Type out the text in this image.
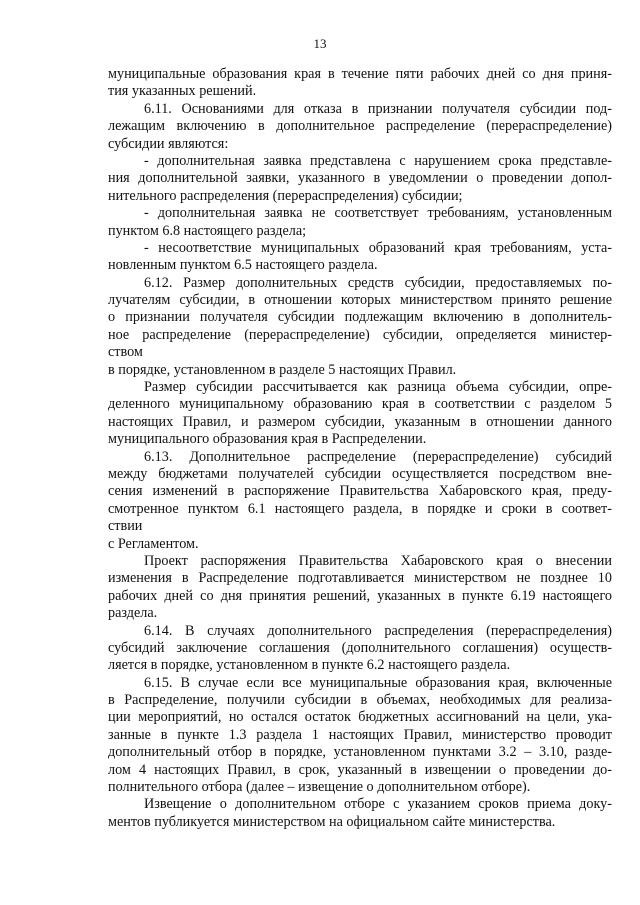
13
муниципальные образования края в течение пяти рабочих дней со дня приня-
тия указанных решений.
6.11. Основаниями для отказа в признании получателя субсидии под-
лежащим включению в дополнительное распределение (перераспределение)
субсидии являются:
- дополнительная заявка представлена с нарушением срока представле-
ния дополнительной заявки, указанного в уведомлении о проведении допол-
нительного распределения (перераспределения) субсидии;
- дополнительная заявка не соответствует требованиям, установленным
пунктом 6.8 настоящего раздела;
- несоответствие муниципальных образований края требованиям, уста-
новленным пунктом 6.5 настоящего раздела.
6.12. Размер дополнительных средств субсидии, предоставляемых по-
лучателям субсидии, в отношении которых министерством принято решение
о признании получателя субсидии подлежащим включению в дополнитель-
ное распределение (перераспределение) субсидии, определяется министер-
ством
в порядке, установленном в разделе 5 настоящих Правил.
Размер субсидии рассчитывается как разница объема субсидии, опре-
деленного муниципальному образованию края в соответствии с разделом 5
настоящих Правил, и размером субсидии, указанным в отношении данного
муниципального образования края в Распределении.
6.13. Дополнительное распределение (перераспределение) субсидий
между бюджетами получателей субсидии осуществляется посредством вне-
сения изменений в распоряжение Правительства Хабаровского края, преду-
смотренное пунктом 6.1 настоящего раздела, в порядке и сроки в соответ-
ствии
с Регламентом.
Проект распоряжения Правительства Хабаровского края о внесении
изменения в Распределение подготавливается министерством не позднее 10
рабочих дней со дня принятия решений, указанных в пункте 6.19 настоящего
раздела.
6.14. В случаях дополнительного распределения (перераспределения)
субсидий заключение соглашения (дополнительного соглашения) осуществ-
ляется в порядке, установленном в пункте 6.2 настоящего раздела.
6.15. В случае если все муниципальные образования края, включенные
в Распределение, получили субсидии в объемах, необходимых для реализа-
ции мероприятий, но остался остаток бюджетных ассигнований на цели, ука-
занные в пункте 1.3 раздела 1 настоящих Правил, министерство проводит
дополнительный отбор в порядке, установленном пунктами 3.2 – 3.10, разде-
лом 4 настоящих Правил, в срок, указанный в извещении о проведении до-
полнительного отбора (далее – извещение о дополнительном отборе).
Извещение о дополнительном отборе с указанием сроков приема доку-
ментов публикуется министерством на официальном сайте министерства.
